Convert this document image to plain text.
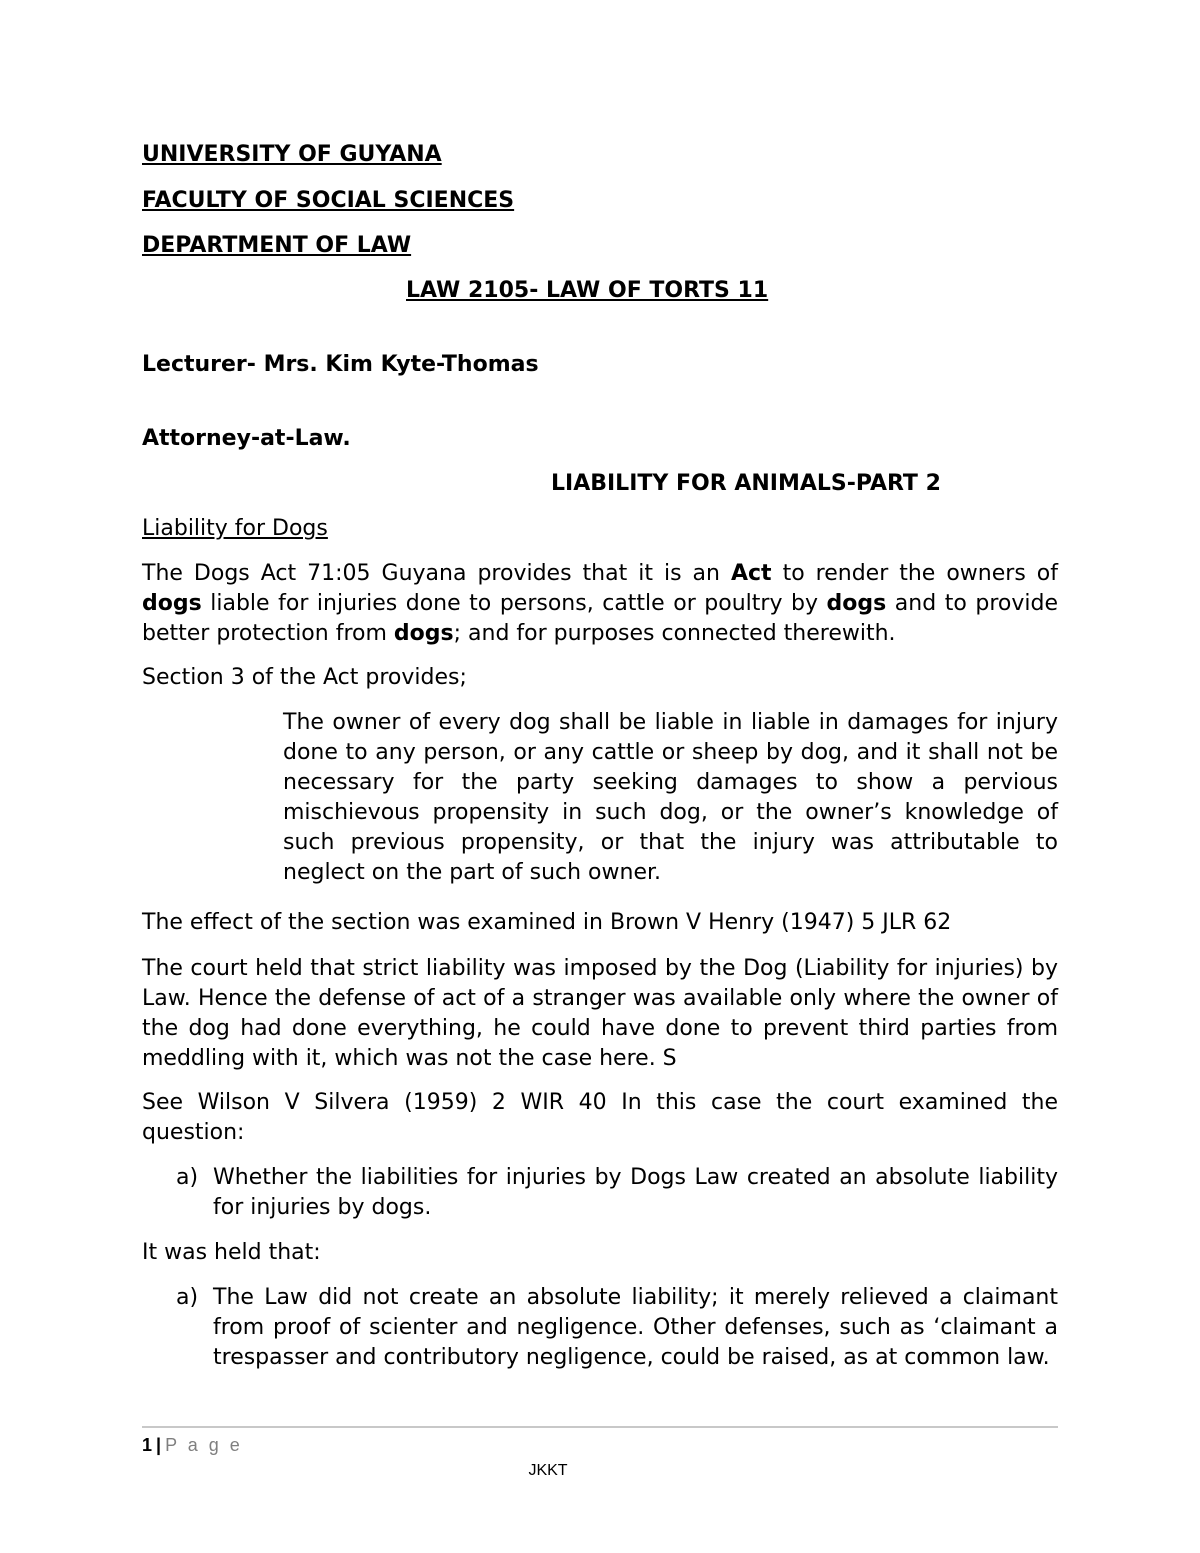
UNIVERSITY OF GUYANA
FACULTY OF SOCIAL SCIENCES
DEPARTMENT OF LAW
LAW 2105- LAW OF TORTS 11
Lecturer- Mrs. Kim Kyte-Thomas
Attorney-at-Law.
LIABILITY FOR ANIMALS-PART 2
Liability for Dogs
The Dogs Act 71:05 Guyana provides that it is an Act to render the owners of dogs liable for injuries done to persons, cattle or poultry by dogs and to provide better protection from dogs; and for purposes connected therewith.
Section 3 of the Act provides;
The owner of every dog shall be liable in liable in damages for injury done to any person, or any cattle or sheep by dog, and it shall not be necessary for the party seeking damages to show a pervious mischievous propensity in such dog, or the owner’s knowledge of such previous propensity, or that the injury was attributable to neglect on the part of such owner.
The effect of the section was examined in Brown V Henry (1947) 5 JLR 62
The court held that strict liability was imposed by the Dog (Liability for injuries) by Law. Hence the defense of act of a stranger was available only where the owner of the dog had done everything, he could have done to prevent third parties from meddling with it, which was not the case here. S
See Wilson V Silvera (1959) 2 WIR 40 In this case the court examined the question:
a) Whether the liabilities for injuries by Dogs Law created an absolute liability for injuries by dogs.
It was held that:
a) The Law did not create an absolute liability; it merely relieved a claimant from proof of scienter and negligence. Other defenses, such as ‘claimant a trespasser and contributory negligence, could be raised, as at common law.
1 | P a g e
JKKT
